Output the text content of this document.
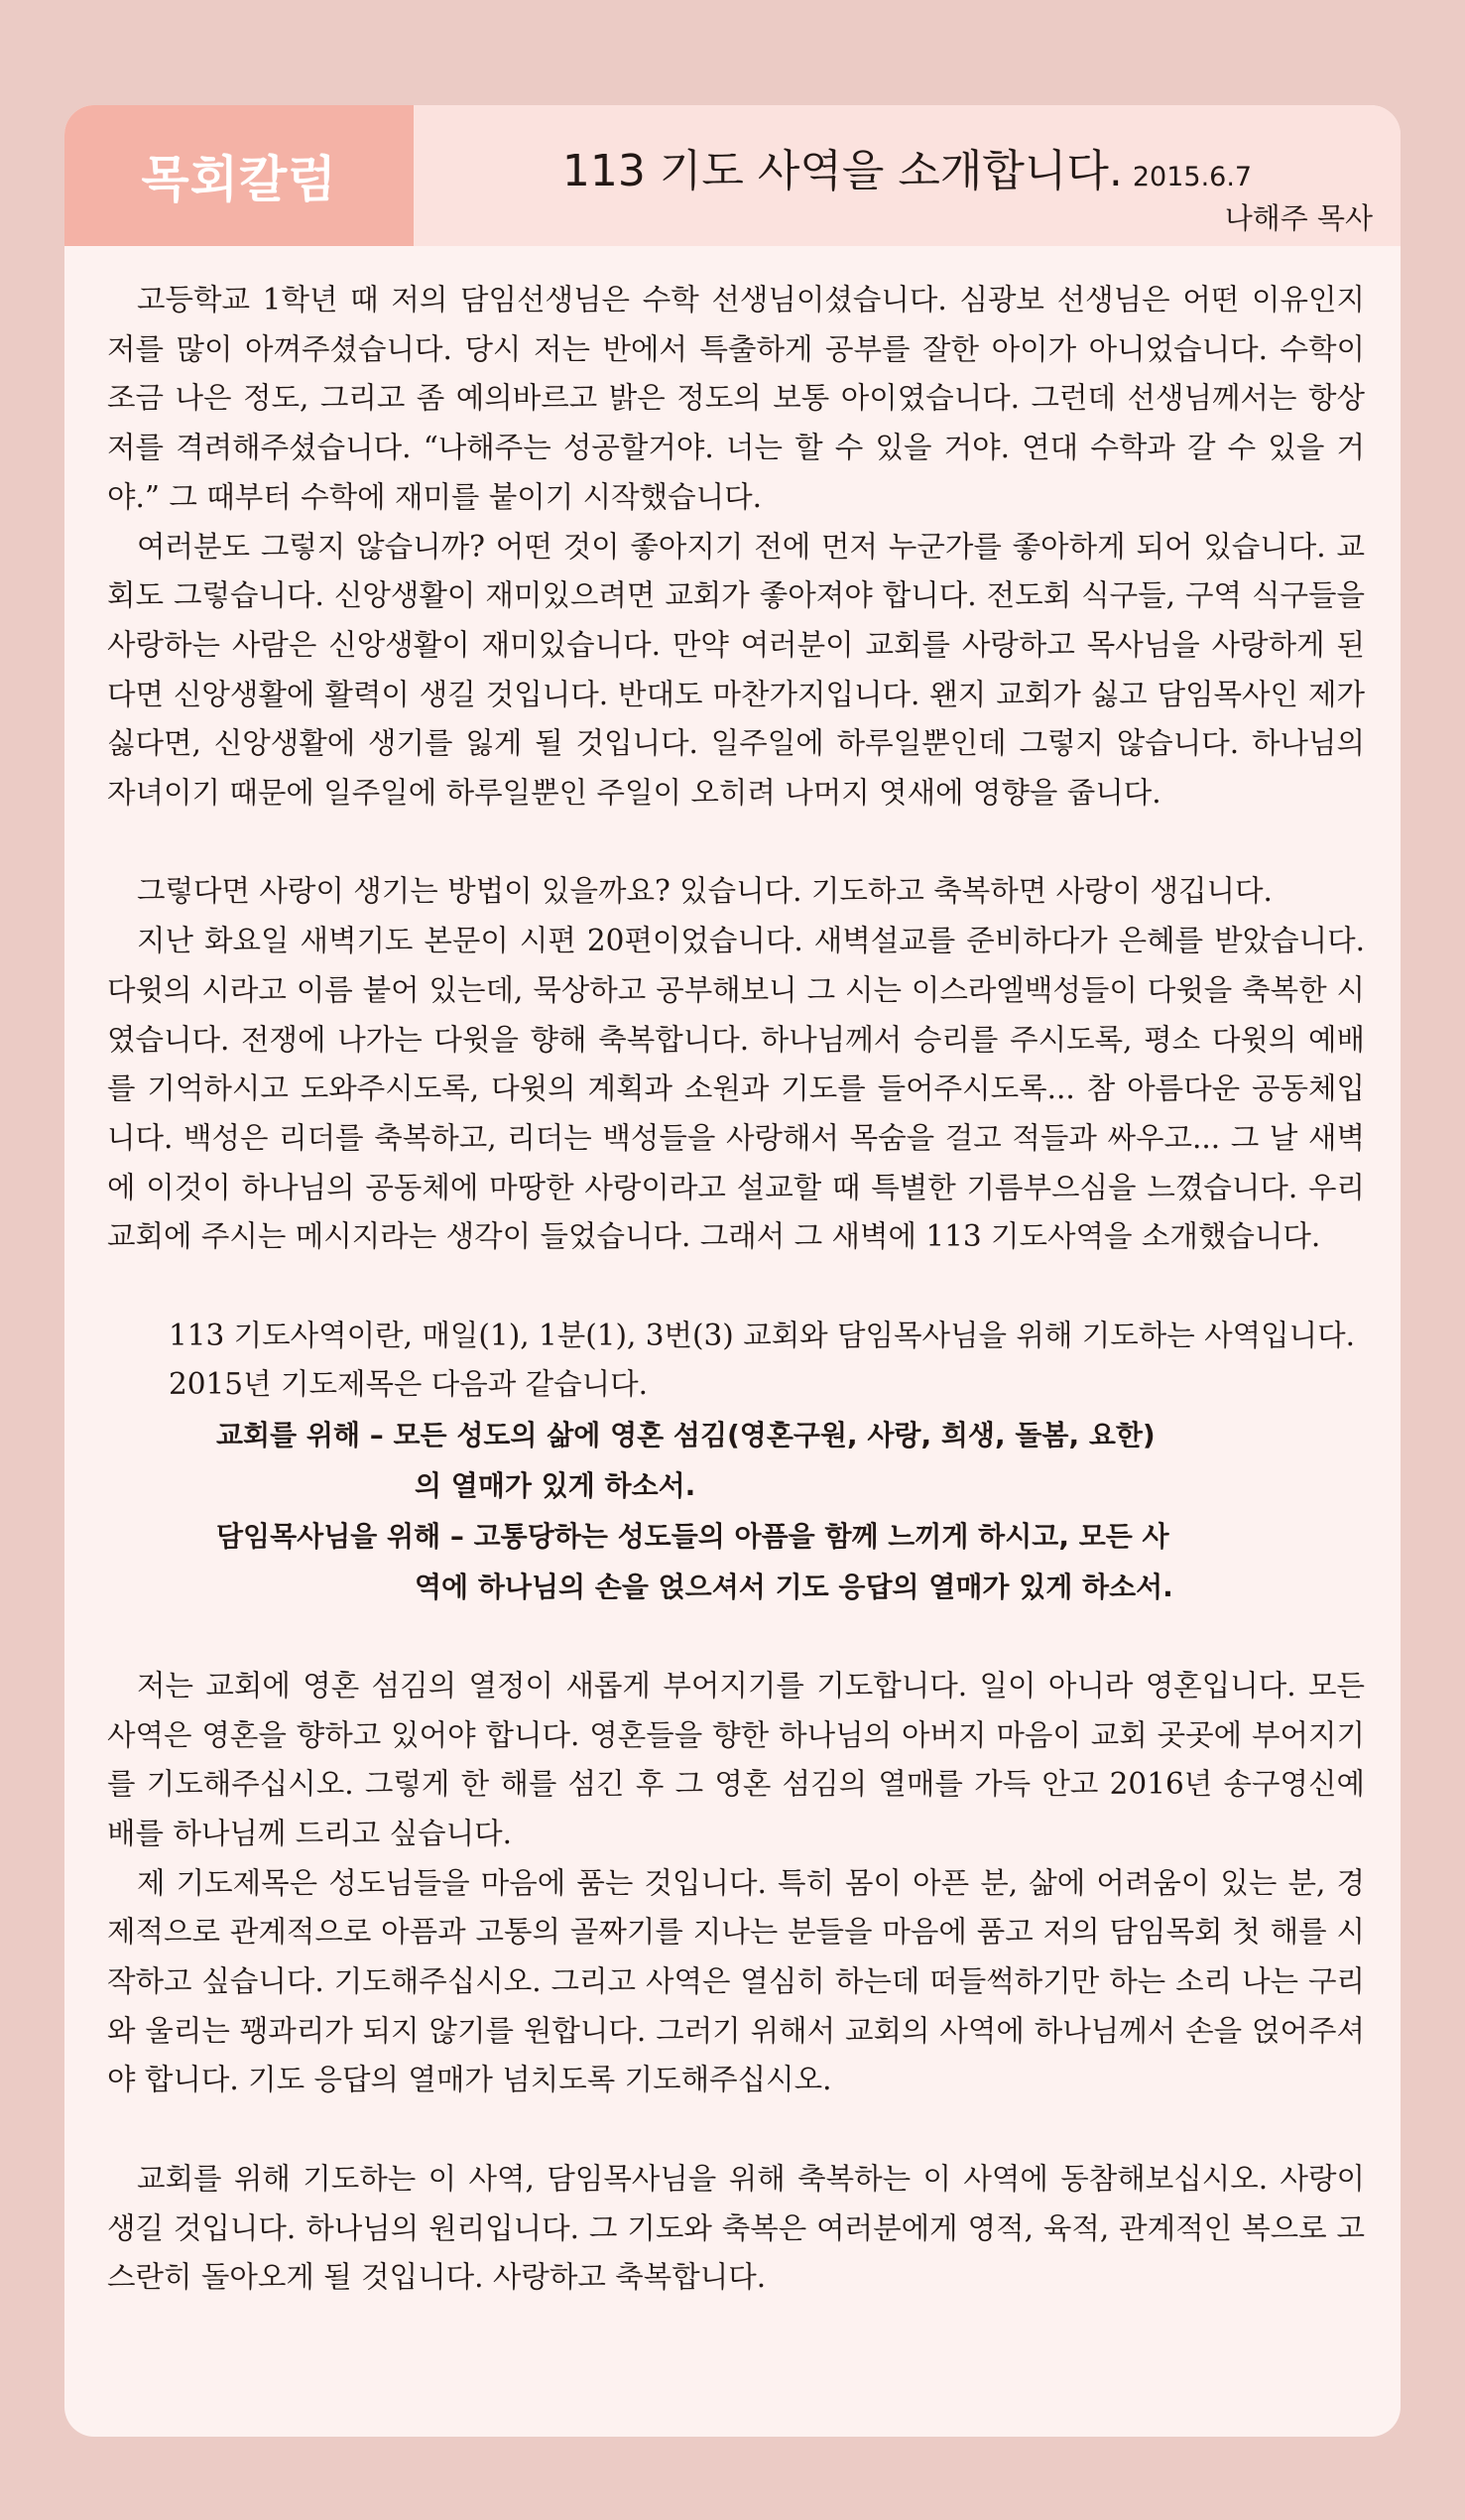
목회칼럼	113 기도 사역을 소개합니다. 2015.6.7
나해주 목사

고등학교 1학년 때 저의 담임선생님은 수학 선생님이셨습니다. 심광보 선생님은 어떤 이유인지 저를 많이 아껴주셨습니다. 당시 저는 반에서 특출하게 공부를 잘한 아이가 아니었습니다. 수학이 조금 나은 정도, 그리고 좀 예의바르고 밝은 정도의 보통 아이였습니다. 그런데 선생님께서는 항상 저를 격려해주셨습니다. “나해주는 성공할거야. 너는 할 수 있을 거야. 연대 수학과 갈 수 있을 거야.” 그 때부터 수학에 재미를 붙이기 시작했습니다.

여러분도 그렇지 않습니까? 어떤 것이 좋아지기 전에 먼저 누군가를 좋아하게 되어 있습니다. 교회도 그렇습니다. 신앙생활이 재미있으려면 교회가 좋아져야 합니다. 전도회 식구들, 구역 식구들을 사랑하는 사람은 신앙생활이 재미있습니다. 만약 여러분이 교회를 사랑하고 목사님을 사랑하게 된다면 신앙생활에 활력이 생길 것입니다. 반대도 마찬가지입니다. 왠지 교회가 싫고 담임목사인 제가 싫다면, 신앙생활에 생기를 잃게 될 것입니다. 일주일에 하루일뿐인데 그렇지 않습니다. 하나님의 자녀이기 때문에 일주일에 하루일뿐인 주일이 오히려 나머지 엿새에 영향을 줍니다.

그렇다면 사랑이 생기는 방법이 있을까요? 있습니다. 기도하고 축복하면 사랑이 생깁니다.

지난 화요일 새벽기도 본문이 시편 20편이었습니다. 새벽설교를 준비하다가 은혜를 받았습니다. 다윗의 시라고 이름 붙어 있는데, 묵상하고 공부해보니 그 시는 이스라엘백성들이 다윗을 축복한 시였습니다. 전쟁에 나가는 다윗을 향해 축복합니다. 하나님께서 승리를 주시도록, 평소 다윗의 예배를 기억하시고 도와주시도록, 다윗의 계획과 소원과 기도를 들어주시도록... 참 아름다운 공동체입니다. 백성은 리더를 축복하고, 리더는 백성들을 사랑해서 목숨을 걸고 적들과 싸우고... 그 날 새벽에 이것이 하나님의 공동체에 마땅한 사랑이라고 설교할 때 특별한 기름부으심을 느꼈습니다. 우리교회에 주시는 메시지라는 생각이 들었습니다. 그래서 그 새벽에 113 기도사역을 소개했습니다.

113 기도사역이란, 매일(1), 1분(1), 3번(3) 교회와 담임목사님을 위해 기도하는 사역입니다.

2015년 기도제목은 다음과 같습니다.

교회를 위해 – 모든 성도의 삶에 영혼 섬김(영혼구원, 사랑, 희생, 돌봄, 요한)
의 열매가 있게 하소서.
담임목사님을 위해 – 고통당하는 성도들의 아픔을 함께 느끼게 하시고, 모든 사
역에 하나님의 손을 얹으셔서 기도 응답의 열매가 있게 하소서.

저는 교회에 영혼 섬김의 열정이 새롭게 부어지기를 기도합니다. 일이 아니라 영혼입니다. 모든 사역은 영혼을 향하고 있어야 합니다. 영혼들을 향한 하나님의 아버지 마음이 교회 곳곳에 부어지기를 기도해주십시오. 그렇게 한 해를 섬긴 후 그 영혼 섬김의 열매를 가득 안고 2016년 송구영신예배를 하나님께 드리고 싶습니다.

제 기도제목은 성도님들을 마음에 품는 것입니다. 특히 몸이 아픈 분, 삶에 어려움이 있는 분, 경제적으로 관계적으로 아픔과 고통의 골짜기를 지나는 분들을 마음에 품고 저의 담임목회 첫 해를 시작하고 싶습니다. 기도해주십시오. 그리고 사역은 열심히 하는데 떠들썩하기만 하는 소리 나는 구리와 울리는 꽹과리가 되지 않기를 원합니다. 그러기 위해서 교회의 사역에 하나님께서 손을 얹어주셔야 합니다. 기도 응답의 열매가 넘치도록 기도해주십시오.

교회를 위해 기도하는 이 사역, 담임목사님을 위해 축복하는 이 사역에 동참해보십시오. 사랑이 생길 것입니다. 하나님의 원리입니다. 그 기도와 축복은 여러분에게 영적, 육적, 관계적인 복으로 고스란히 돌아오게 될 것입니다. 사랑하고 축복합니다.
